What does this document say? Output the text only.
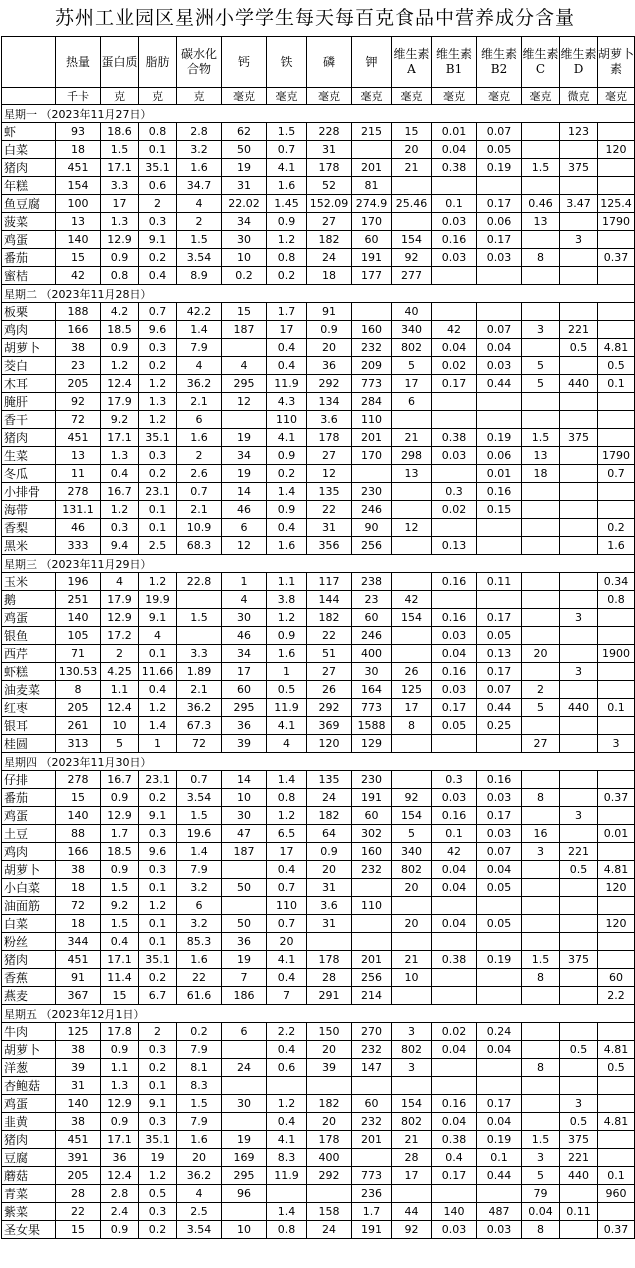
苏州工业园区星洲小学学生每天每百克食品中营养成分含量
	热量	蛋白质	脂肪	碳水化合物	钙	铁	磷	钾	维生素A	维生素B1	维生素B2	维生素C	维生素D	胡萝卜素
	千卡	克	克	克	毫克	毫克	毫克	毫克	毫克	毫克	毫克	毫克	微克	毫克
星期一 （2023年11月27日）														
虾	93	18.6	0.8	2.8	62	1.5	228	215	15	0.01	0.07		123	
白菜	18	1.5	0.1	3.2	50	0.7	31		20	0.04	0.05			120
猪肉	451	17.1	35.1	1.6	19	4.1	178	201	21	0.38	0.19	1.5	375	
年糕	154	3.3	0.6	34.7	31	1.6	52	81						
鱼豆腐	100	17	2	4	22.02	1.45	152.09	274.9	25.46	0.1	0.17	0.46	3.47	125.4
菠菜	13	1.3	0.3	2	34	0.9	27	170		0.03	0.06	13		1790
鸡蛋	140	12.9	9.1	1.5	30	1.2	182	60	154	0.16	0.17		3	
番茄	15	0.9	0.2	3.54	10	0.8	24	191	92	0.03	0.03	8		0.37
蜜桔	42	0.8	0.4	8.9	0.2	0.2	18	177	277					
星期二 （2023年11月28日）														
板栗	188	4.2	0.7	42.2	15	1.7	91		40					
鸡肉	166	18.5	9.6	1.4	187	17	0.9	160	340	42	0.07	3	221	
胡萝卜	38	0.9	0.3	7.9		0.4	20	232	802	0.04	0.04		0.5	4.81
茭白	23	1.2	0.2	4	4	0.4	36	209	5	0.02	0.03	5		0.5
木耳	205	12.4	1.2	36.2	295	11.9	292	773	17	0.17	0.44	5	440	0.1
腌肝	92	17.9	1.3	2.1	12	4.3	134	284	6					
香干	72	9.2	1.2	6		110	3.6	110						
猪肉	451	17.1	35.1	1.6	19	4.1	178	201	21	0.38	0.19	1.5	375	
生菜	13	1.3	0.3	2	34	0.9	27	170	298	0.03	0.06	13		1790
冬瓜	11	0.4	0.2	2.6	19	0.2	12		13		0.01	18		0.7
小排骨	278	16.7	23.1	0.7	14	1.4	135	230		0.3	0.16			
海带	131.1	1.2	0.1	2.1	46	0.9	22	246		0.02	0.15			
香梨	46	0.3	0.1	10.9	6	0.4	31	90	12					0.2
黑米	333	9.4	2.5	68.3	12	1.6	356	256		0.13				1.6
星期三 （2023年11月29日）														
玉米	196	4	1.2	22.8	1	1.1	117	238		0.16	0.11			0.34
鹅	251	17.9	19.9		4	3.8	144	23	42					0.8
鸡蛋	140	12.9	9.1	1.5	30	1.2	182	60	154	0.16	0.17		3	
银鱼	105	17.2	4		46	0.9	22	246		0.03	0.05			
西芹	71	2	0.1	3.3	34	1.6	51	400		0.04	0.13	20		1900
虾糕	130.53	4.25	11.66	1.89	17	1	27	30	26	0.16	0.17		3	
油麦菜	8	1.1	0.4	2.1	60	0.5	26	164	125	0.03	0.07	2		
红枣	205	12.4	1.2	36.2	295	11.9	292	773	17	0.17	0.44	5	440	0.1
银耳	261	10	1.4	67.3	36	4.1	369	1588	8	0.05	0.25			
桂圆	313	5	1	72	39	4	120	129				27		3
星期四 （2023年11月30日）														
仔排	278	16.7	23.1	0.7	14	1.4	135	230		0.3	0.16			
番茄	15	0.9	0.2	3.54	10	0.8	24	191	92	0.03	0.03	8		0.37
鸡蛋	140	12.9	9.1	1.5	30	1.2	182	60	154	0.16	0.17		3	
土豆	88	1.7	0.3	19.6	47	6.5	64	302	5	0.1	0.03	16		0.01
鸡肉	166	18.5	9.6	1.4	187	17	0.9	160	340	42	0.07	3	221	
胡萝卜	38	0.9	0.3	7.9		0.4	20	232	802	0.04	0.04		0.5	4.81
小白菜	18	1.5	0.1	3.2	50	0.7	31		20	0.04	0.05			120
油面筋	72	9.2	1.2	6		110	3.6	110						
白菜	18	1.5	0.1	3.2	50	0.7	31		20	0.04	0.05			120
粉丝	344	0.4	0.1	85.3	36	20								
猪肉	451	17.1	35.1	1.6	19	4.1	178	201	21	0.38	0.19	1.5	375	
香蕉	91	11.4	0.2	22	7	0.4	28	256	10			8		60
燕麦	367	15	6.7	61.6	186	7	291	214						2.2
星期五 （2023年12月1日）														
牛肉	125	17.8	2	0.2	6	2.2	150	270	3	0.02	0.24			
胡萝卜	38	0.9	0.3	7.9		0.4	20	232	802	0.04	0.04		0.5	4.81
洋葱	39	1.1	0.2	8.1	24	0.6	39	147	3			8		0.5
杏鲍菇	31	1.3	0.1	8.3										
鸡蛋	140	12.9	9.1	1.5	30	1.2	182	60	154	0.16	0.17		3	
韭黄	38	0.9	0.3	7.9		0.4	20	232	802	0.04	0.04		0.5	4.81
猪肉	451	17.1	35.1	1.6	19	4.1	178	201	21	0.38	0.19	1.5	375	
豆腐	391	36	19	20	169	8.3	400		28	0.4	0.1	3	221	
蘑菇	205	12.4	1.2	36.2	295	11.9	292	773	17	0.17	0.44	5	440	0.1
青菜	28	2.8	0.5	4	96			236				79		960
紫菜	22	2.4	0.3	2.5		1.4	158	1.7	44	140	487	0.04	0.11	
圣女果	15	0.9	0.2	3.54	10	0.8	24	191	92	0.03	0.03	8		0.37
